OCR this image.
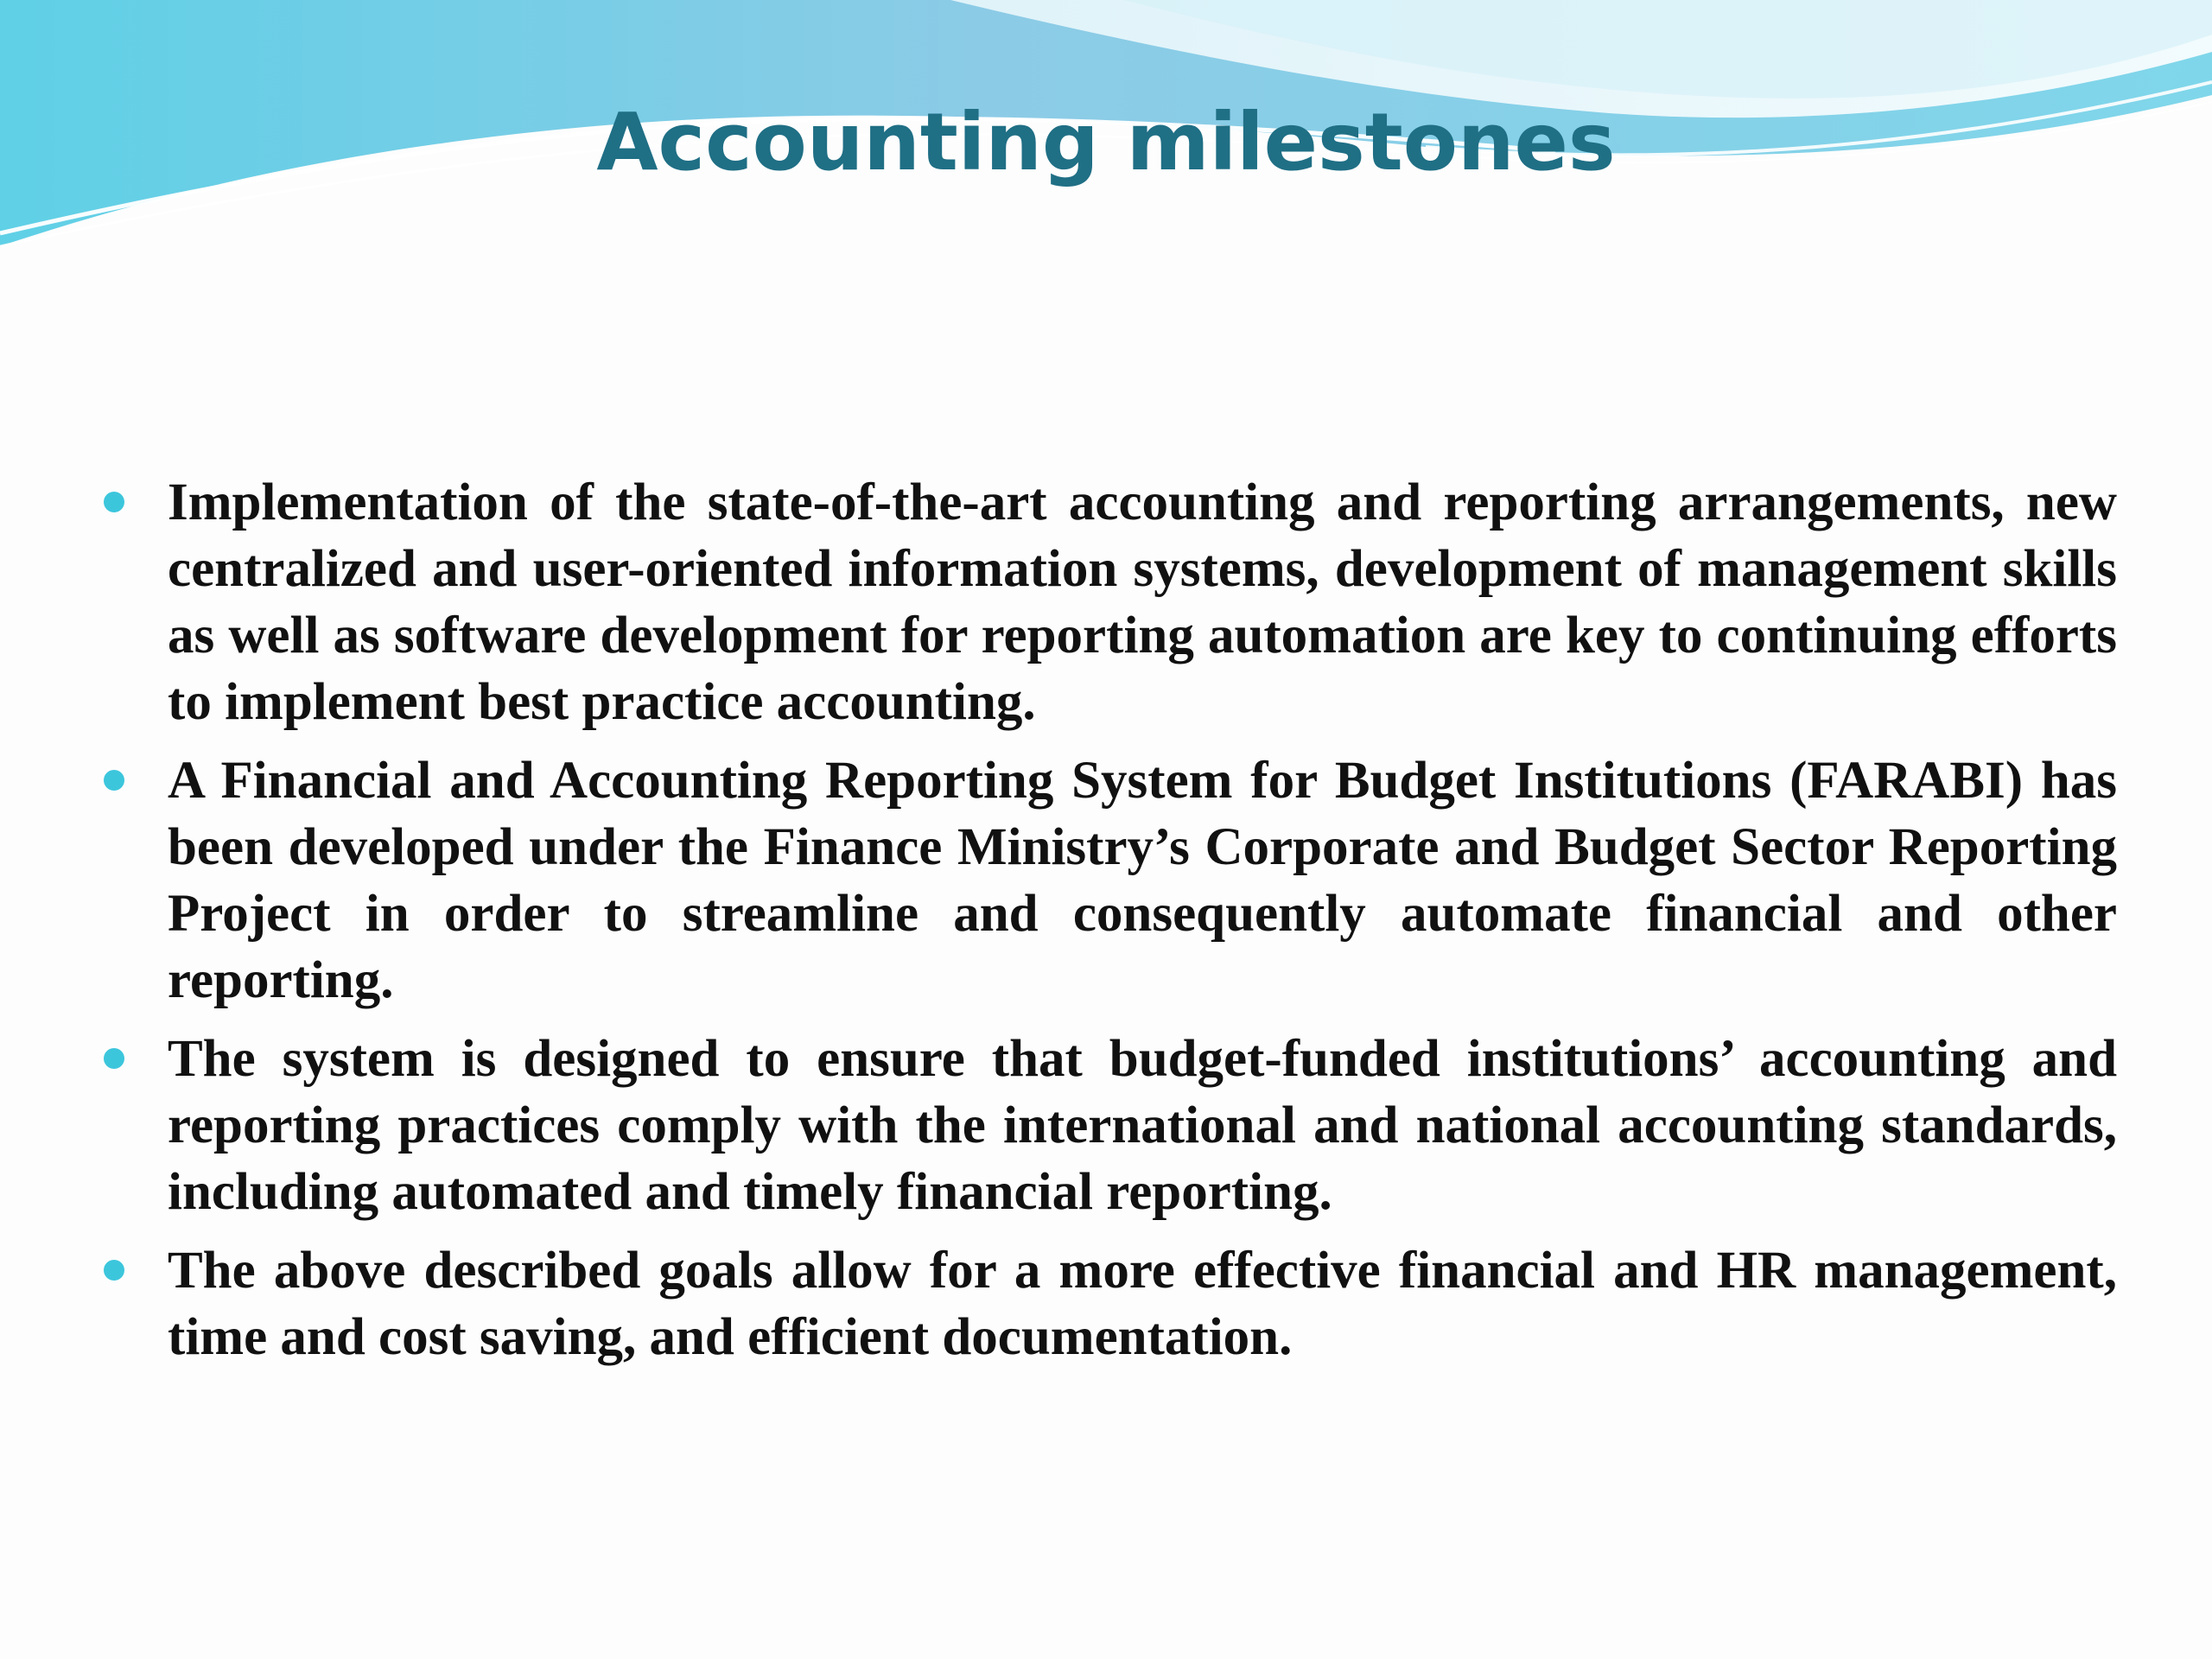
Accounting milestones
Implementation of the state-of-the-art accounting and reporting arrangements, new centralized and user-oriented information systems, development of management skills as well as software development for reporting automation are key to continuing efforts to implement best practice accounting.
A Financial and Accounting Reporting System for Budget Institutions (FARABI) has been developed under the Finance Ministry’s Corporate and Budget Sector Reporting Project in order to streamline and consequently automate financial and other reporting.
The system is designed to ensure that budget-funded institutions’ accounting and reporting practices comply with the international and national accounting standards, including automated and timely financial reporting.
The above described goals allow for a more effective financial and HR management, time and cost saving, and efficient documentation.
